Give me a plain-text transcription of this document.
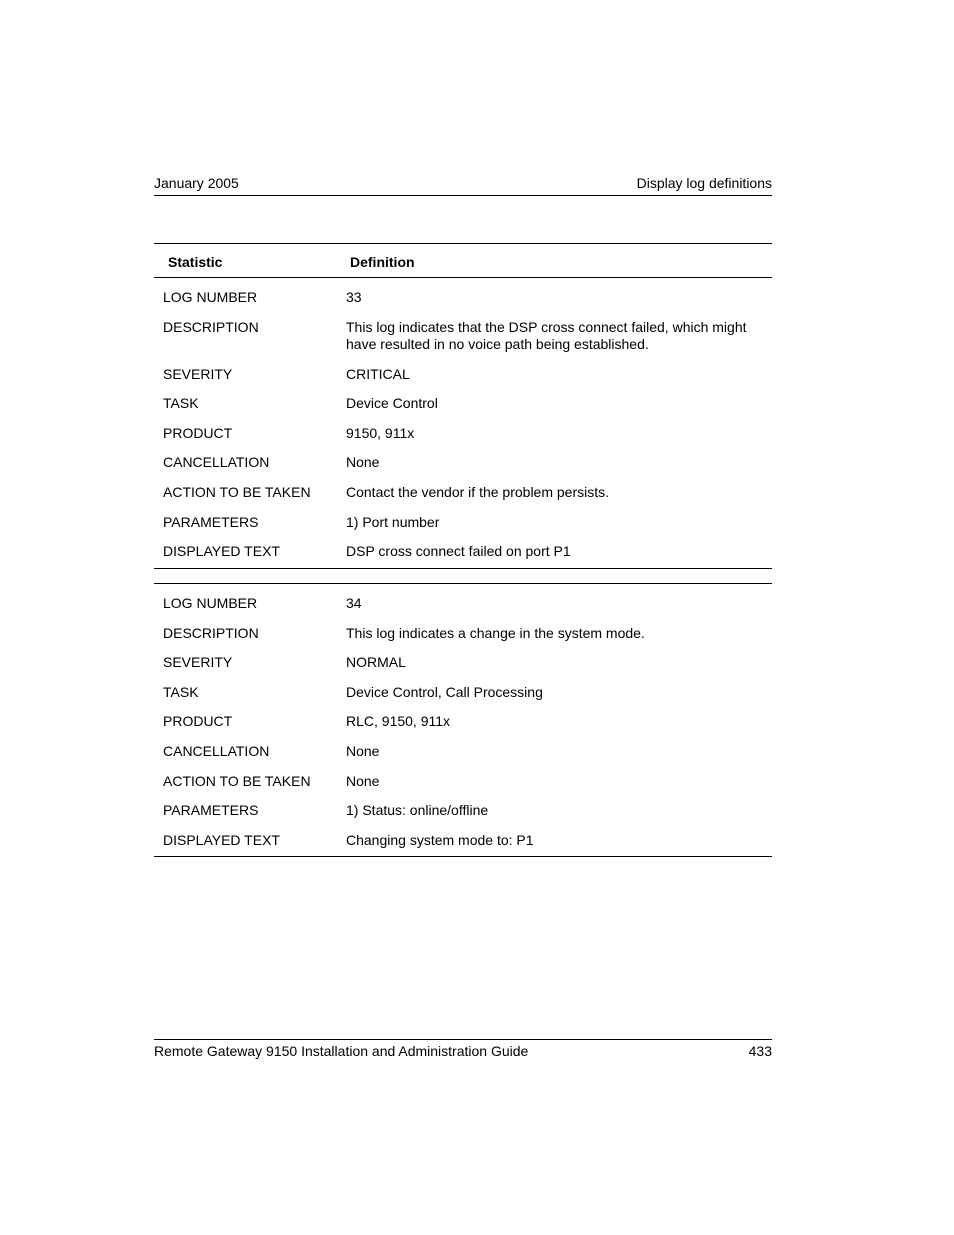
January 2005	Display log definitions
Statistic	Definition
LOG NUMBER	33
DESCRIPTION	This log indicates that the DSP cross connect failed, which might have resulted in no voice path being established.
SEVERITY	CRITICAL
TASK	Device Control
PRODUCT	9150, 911x
CANCELLATION	None
ACTION TO BE TAKEN	Contact the vendor if the problem persists.
PARAMETERS	1) Port number
DISPLAYED TEXT	DSP cross connect failed on port P1
LOG NUMBER	34
DESCRIPTION	This log indicates a change in the system mode.
SEVERITY	NORMAL
TASK	Device Control, Call Processing
PRODUCT	RLC, 9150, 911x
CANCELLATION	None
ACTION TO BE TAKEN	None
PARAMETERS	1) Status: online/offline
DISPLAYED TEXT	Changing system mode to: P1
Remote Gateway 9150 Installation and Administration Guide	433
